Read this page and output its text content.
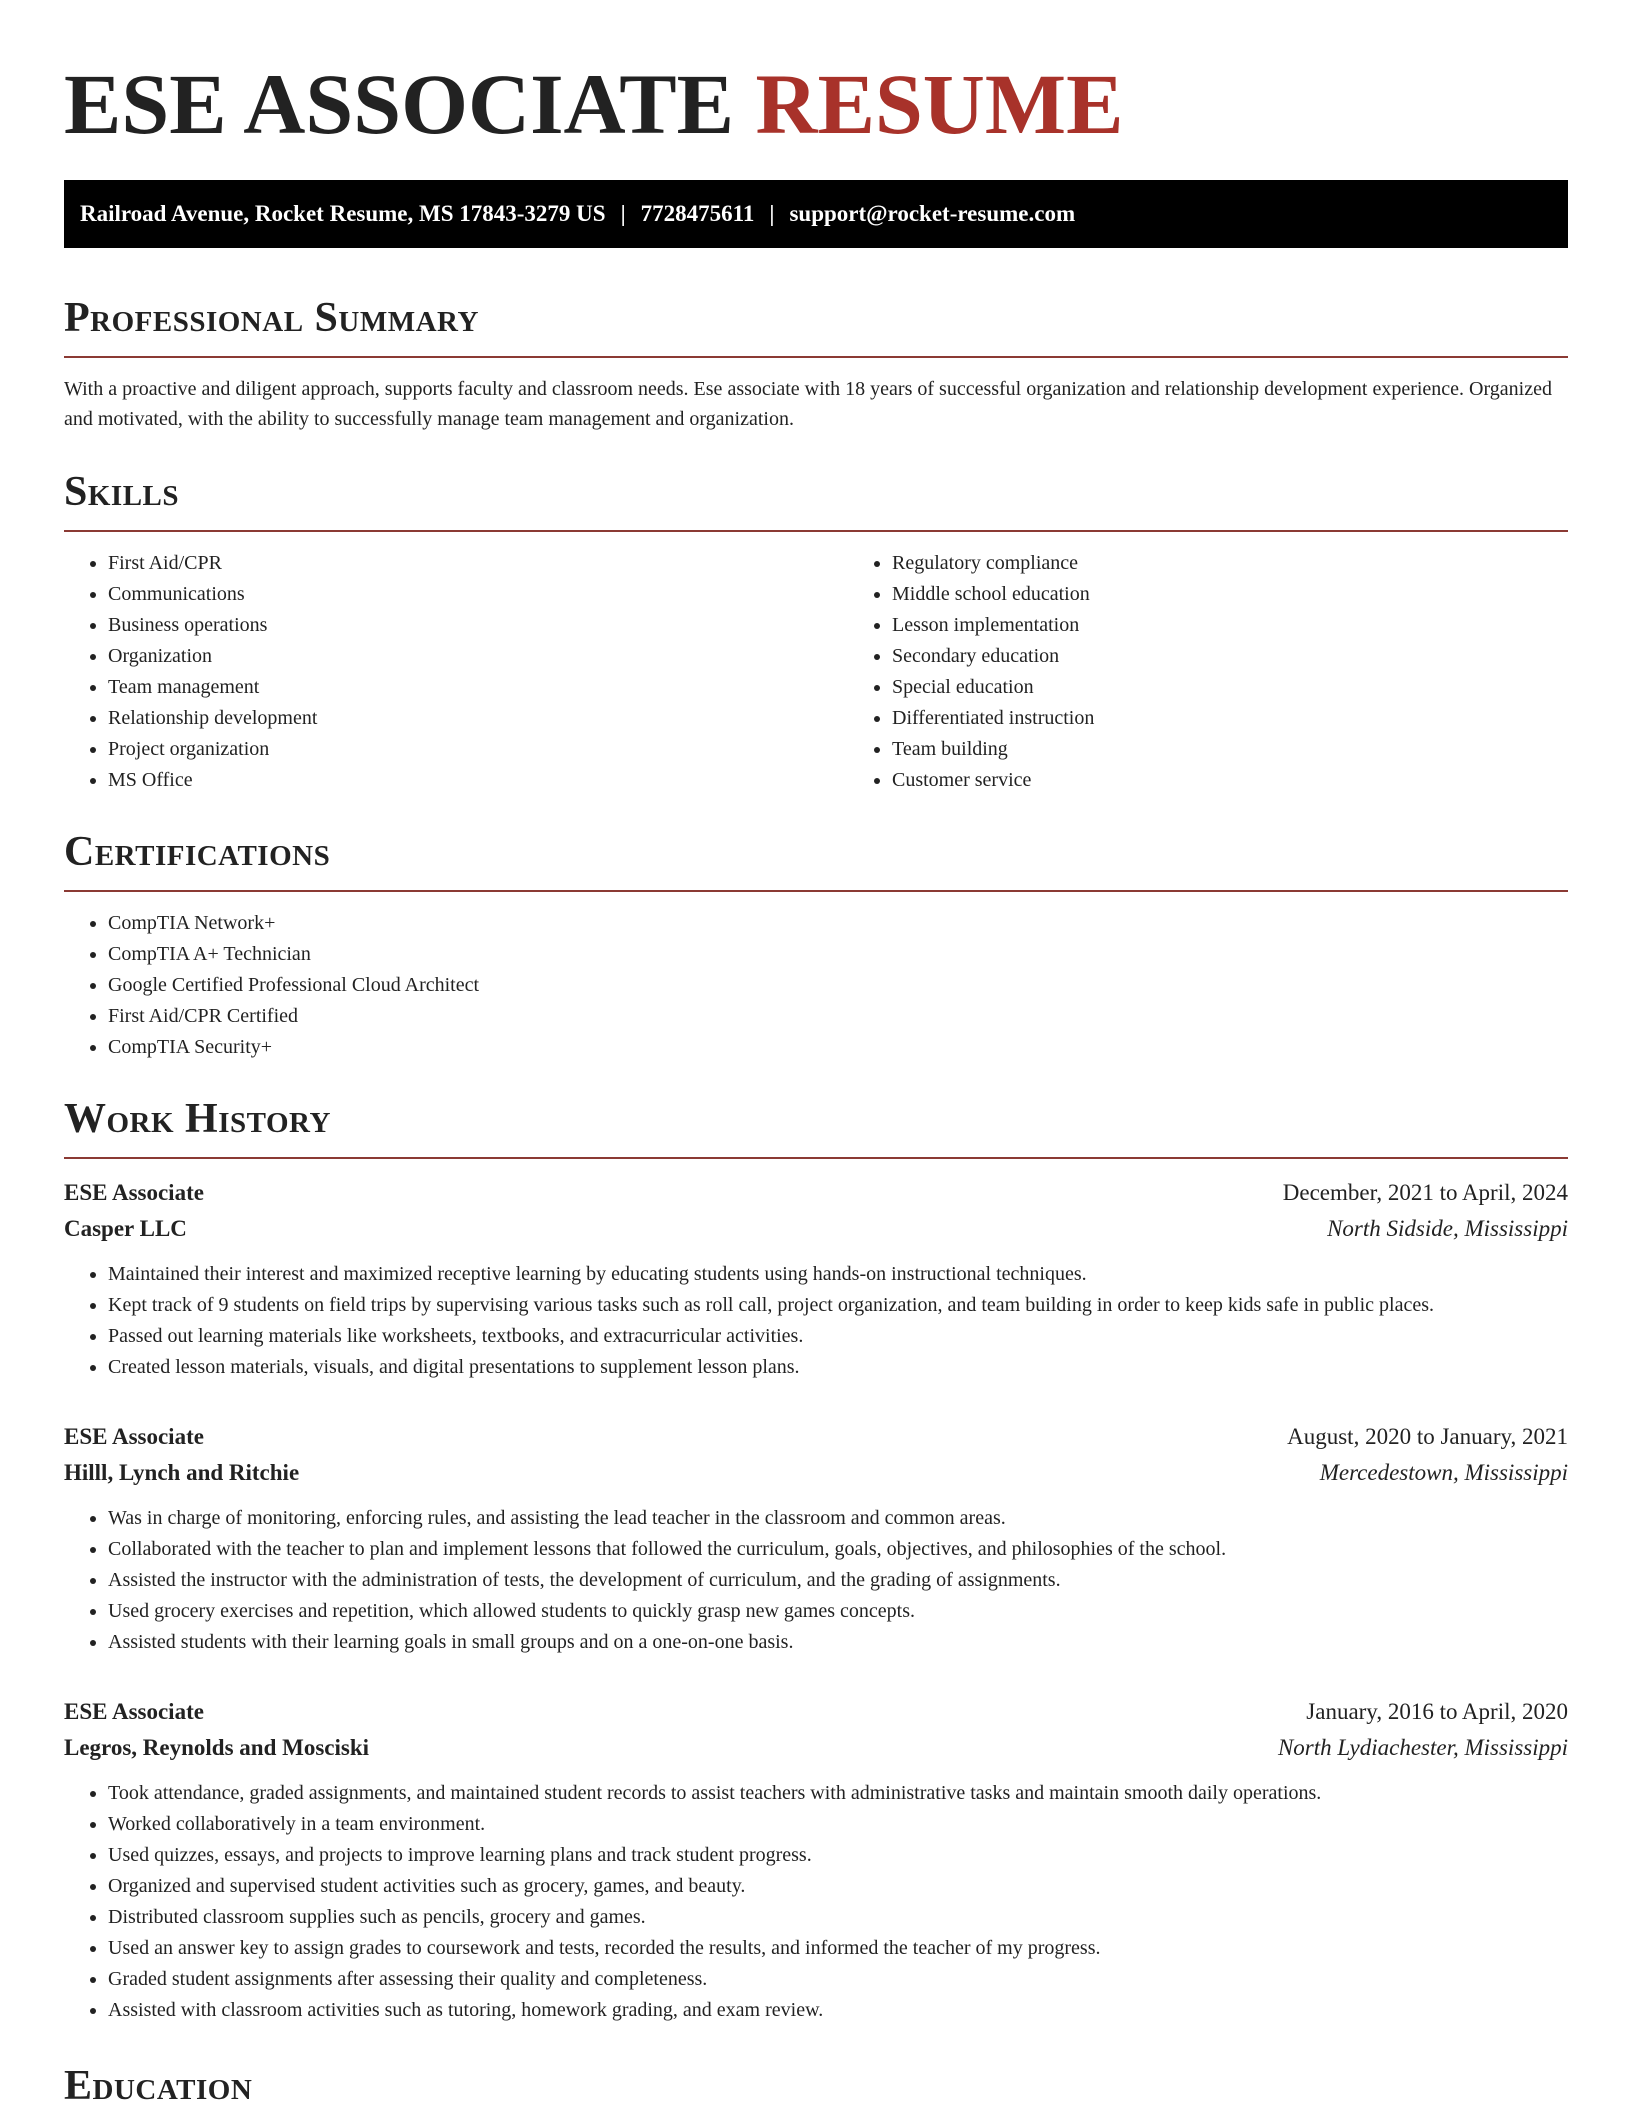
ESE ASSOCIATE RESUME
Railroad Avenue, Rocket Resume, MS 17843-3279 US | 7728475611 | support@rocket-resume.com
Professional Summary

With a proactive and diligent approach, supports faculty and classroom needs. Ese associate with 18 years of successful organization and relationship development experience. Organized and motivated, with the ability to successfully manage team management and organization.

Skills
• First Aid/CPR
• Communications
• Business operations
• Organization
• Team management
• Relationship development
• Project organization
• MS Office
• Regulatory compliance
• Middle school education
• Lesson implementation
• Secondary education
• Special education
• Differentiated instruction
• Team building
• Customer service
Certifications
• CompTIA Network+
• CompTIA A+ Technician
• Google Certified Professional Cloud Architect
• First Aid/CPR Certified
• CompTIA Security+
Work History
ESE Associate	December, 2021 to April, 2024
Casper LLC	North Sidside, Mississippi
• Maintained their interest and maximized receptive learning by educating students using hands-on instructional techniques.
• Kept track of 9 students on field trips by supervising various tasks such as roll call, project organization, and team building in order to keep kids safe in public places.
• Passed out learning materials like worksheets, textbooks, and extracurricular activities.
• Created lesson materials, visuals, and digital presentations to supplement lesson plans.
ESE Associate	August, 2020 to January, 2021
Hilll, Lynch and Ritchie	Mercedestown, Mississippi
• Was in charge of monitoring, enforcing rules, and assisting the lead teacher in the classroom and common areas.
• Collaborated with the teacher to plan and implement lessons that followed the curriculum, goals, objectives, and philosophies of the school.
• Assisted the instructor with the administration of tests, the development of curriculum, and the grading of assignments.
• Used grocery exercises and repetition, which allowed students to quickly grasp new games concepts.
• Assisted students with their learning goals in small groups and on a one-on-one basis.
ESE Associate	January, 2016 to April, 2020
Legros, Reynolds and Mosciski	North Lydiachester, Mississippi
• Took attendance, graded assignments, and maintained student records to assist teachers with administrative tasks and maintain smooth daily operations.
• Worked collaboratively in a team environment.
• Used quizzes, essays, and projects to improve learning plans and track student progress.
• Organized and supervised student activities such as grocery, games, and beauty.
• Distributed classroom supplies such as pencils, grocery and games.
• Used an answer key to assign grades to coursework and tests, recorded the results, and informed the teacher of my progress.
• Graded student assignments after assessing their quality and completeness.
• Assisted with classroom activities such as tutoring, homework grading, and exam review.
Education
